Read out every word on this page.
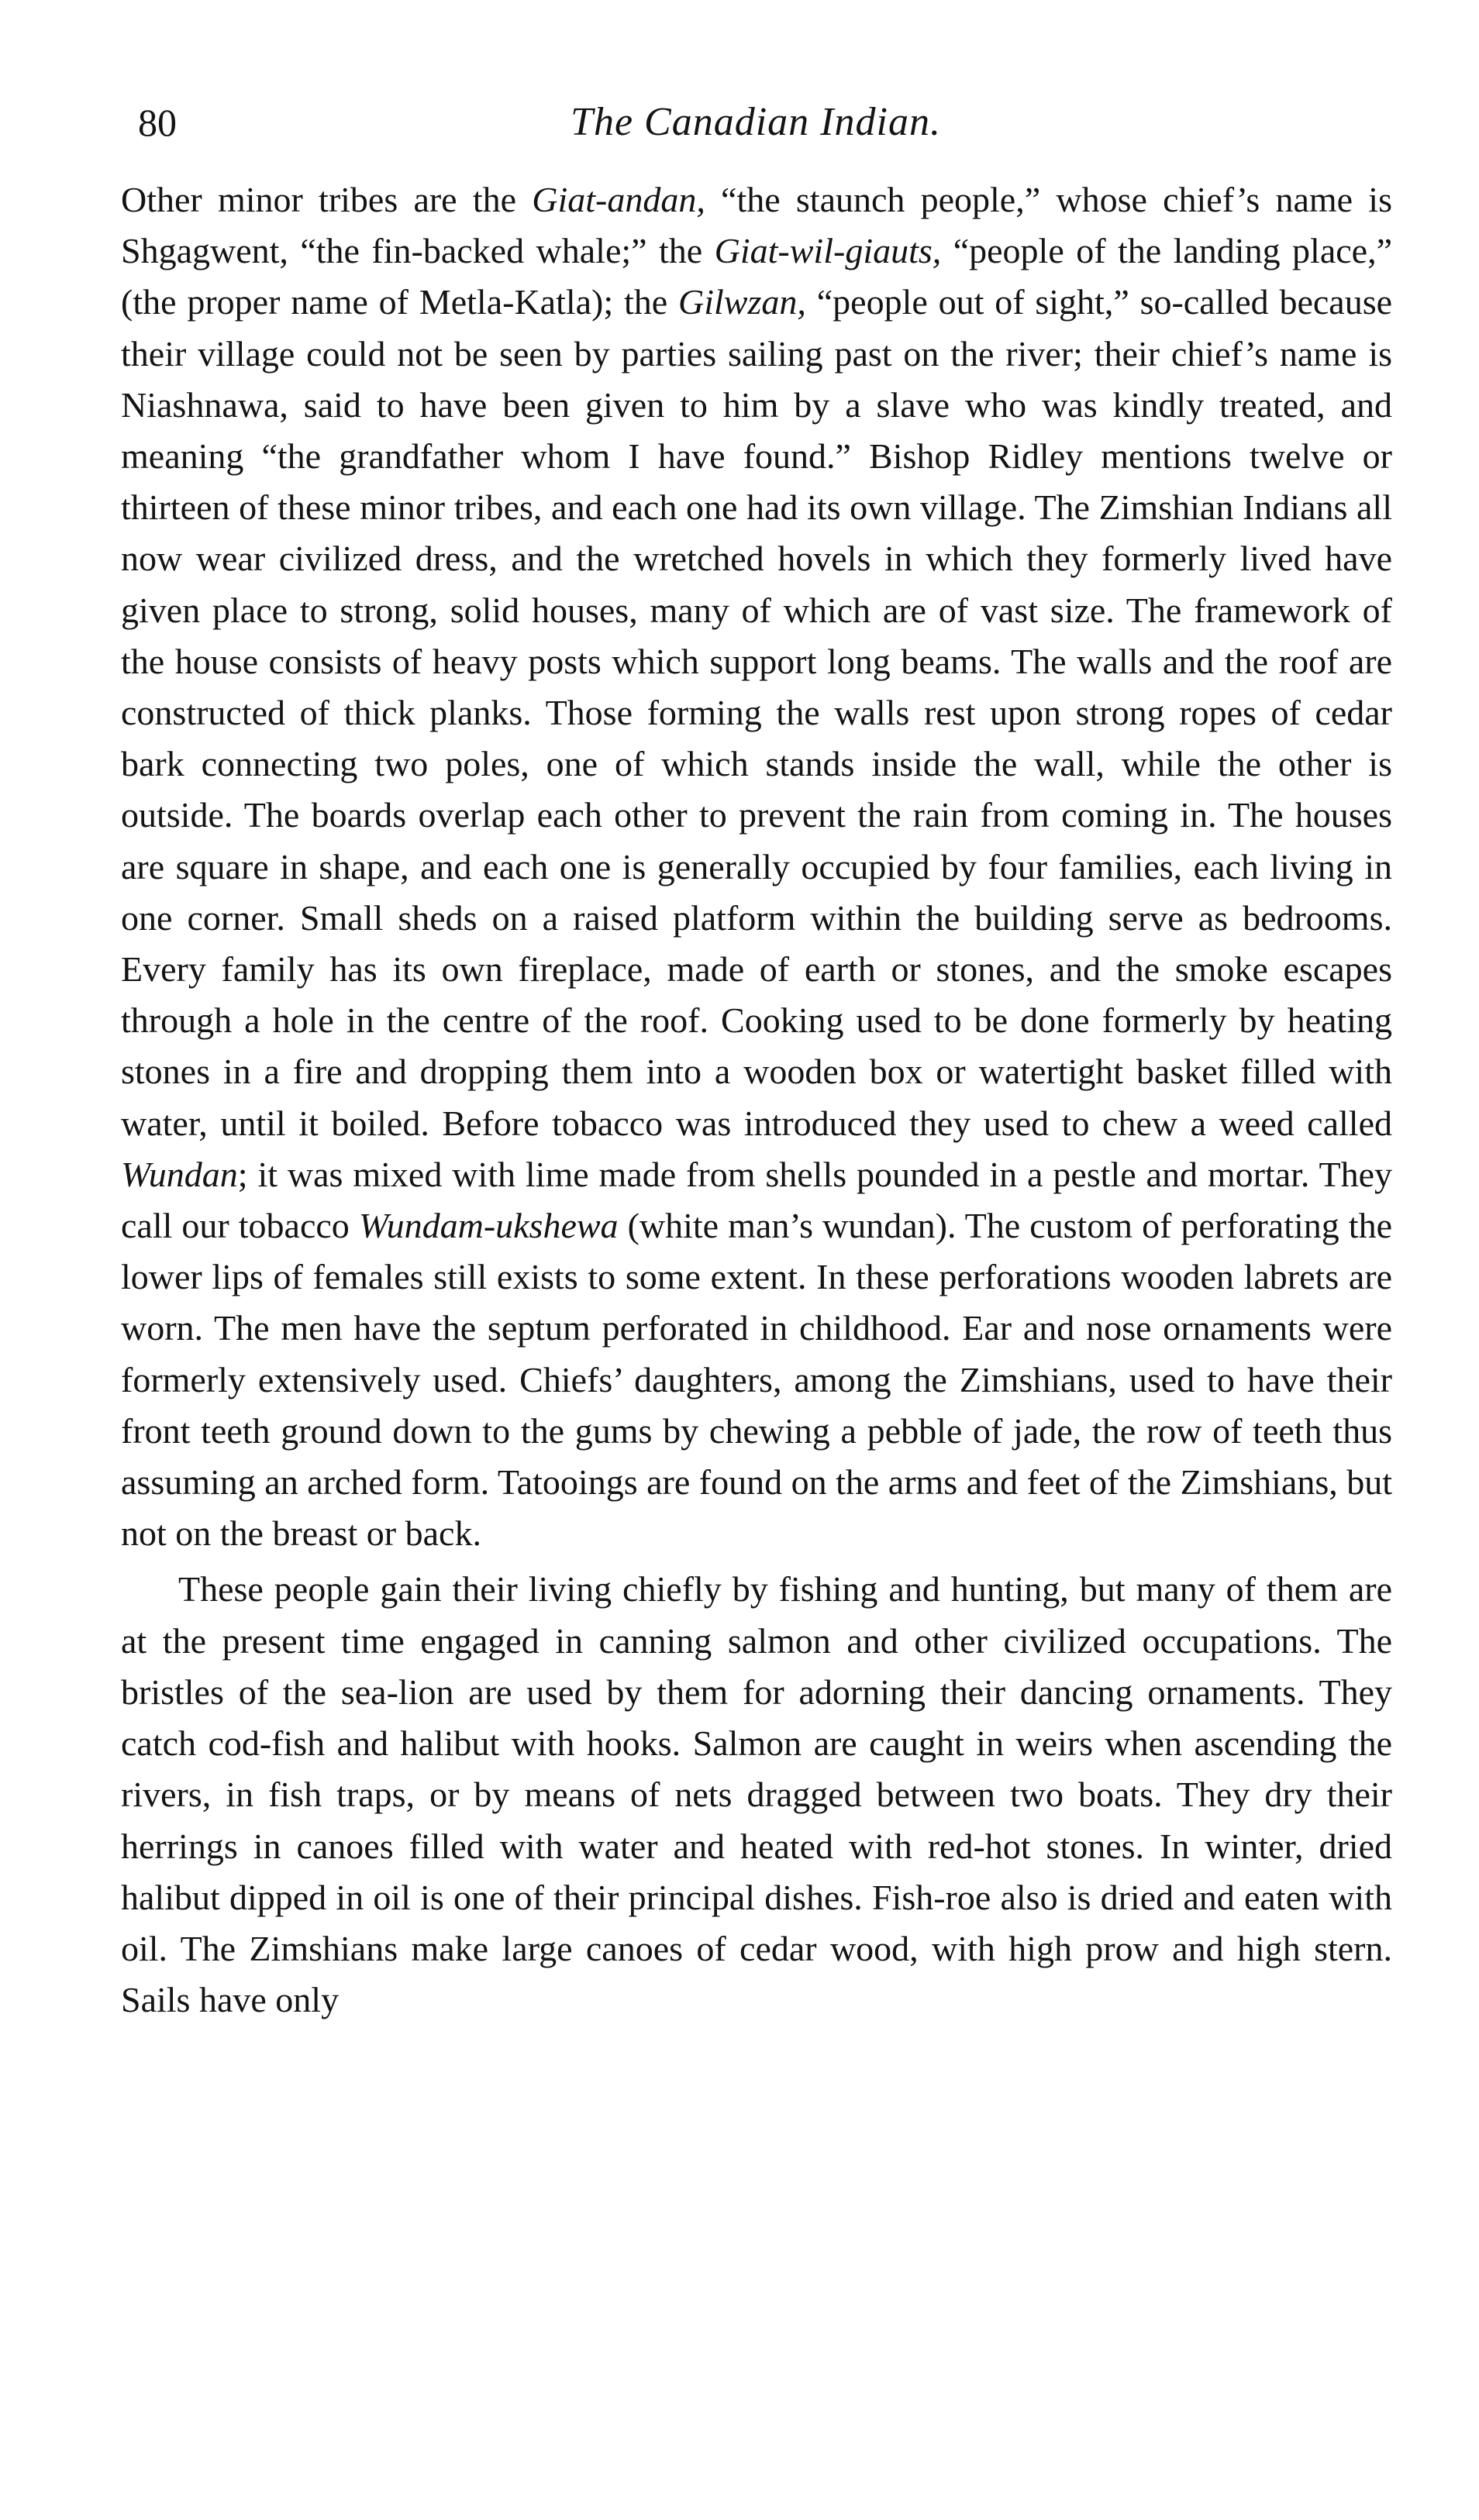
80	The Canadian Indian.

Other minor tribes are the Giat-andan, “the staunch people,” whose chief’s name is Shgagwent, “the fin-backed whale;” the Giat-wil-giauts, “people of the landing place,” (the proper name of Metla-Katla); the Gilwzan, “people out of sight,” so-called because their village could not be seen by parties sailing past on the river; their chief’s name is Niashnawa, said to have been given to him by a slave who was kindly treated, and meaning “the grandfather whom I have found.” Bishop Ridley mentions twelve or thirteen of these minor tribes, and each one had its own village. The Zimshian Indians all now wear civilized dress, and the wretched hovels in which they formerly lived have given place to strong, solid houses, many of which are of vast size. The framework of the house consists of heavy posts which support long beams. The walls and the roof are constructed of thick planks. Those forming the walls rest upon strong ropes of cedar bark connecting two poles, one of which stands inside the wall, while the other is outside. The boards overlap each other to prevent the rain from coming in. The houses are square in shape, and each one is generally occupied by four families, each living in one corner. Small sheds on a raised platform within the building serve as bedrooms. Every family has its own fireplace, made of earth or stones, and the smoke escapes through a hole in the centre of the roof. Cooking used to be done formerly by heating stones in a fire and dropping them into a wooden box or watertight basket filled with water, until it boiled. Before tobacco was introduced they used to chew a weed called Wundan; it was mixed with lime made from shells pounded in a pestle and mortar. They call our tobacco Wundam-ukshewa (white man’s wundan). The custom of perforating the lower lips of females still exists to some extent. In these perforations wooden labrets are worn. The men have the septum perforated in childhood. Ear and nose ornaments were formerly extensively used. Chiefs’ daughters, among the Zimshians, used to have their front teeth ground down to the gums by chewing a pebble of jade, the row of teeth thus assuming an arched form. Tatooings are found on the arms and feet of the Zimshians, but not on the breast or back.

These people gain their living chiefly by fishing and hunting, but many of them are at the present time engaged in canning salmon and other civilized occupations. The bristles of the sea-lion are used by them for adorning their dancing ornaments. They catch cod-fish and halibut with hooks. Salmon are caught in weirs when ascending the rivers, in fish traps, or by means of nets dragged between two boats. They dry their herrings in canoes filled with water and heated with red-hot stones. In winter, dried halibut dipped in oil is one of their principal dishes. Fish-roe also is dried and eaten with oil. The Zimshians make large canoes of cedar wood, with high prow and high stern. Sails have only
